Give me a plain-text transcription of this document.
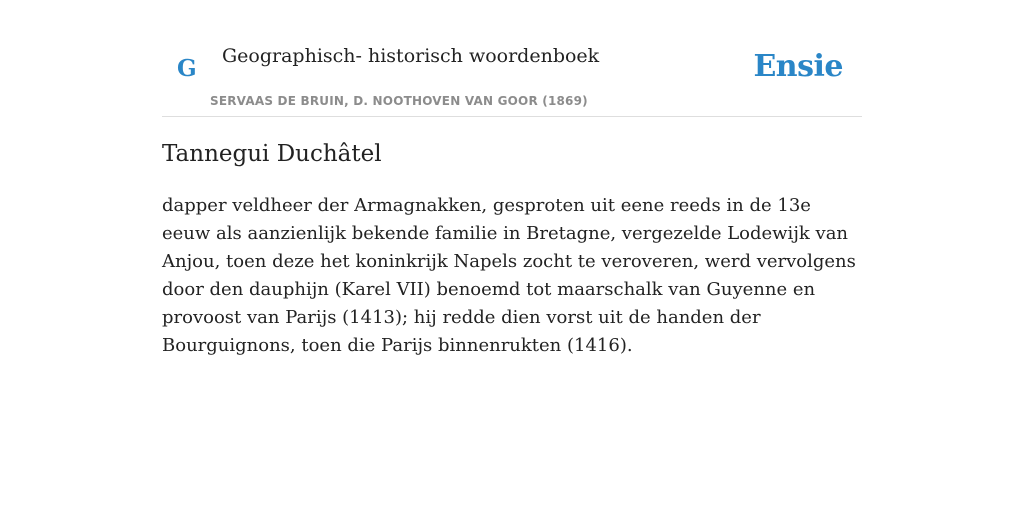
G Geographisch- historisch woordenboek
SERVAAS DE BRUIN, D. NOOTHOVEN VAN GOOR (1869)
Ensie
Tannegui Duchâtel

dapper veldheer der Armagnakken, gesproten uit eene reeds in de 13e eeuw als aanzienlijk bekende familie in Bretagne, vergezelde Lodewijk van Anjou, toen deze het koninkrijk Napels zocht te veroveren, werd vervolgens door den dauphijn (Karel VII) benoemd tot maarschalk van Guyenne en provoost van Parijs (1413); hij redde dien vorst uit de handen der Bourguignons, toen die Parijs binnenrukten (1416).
